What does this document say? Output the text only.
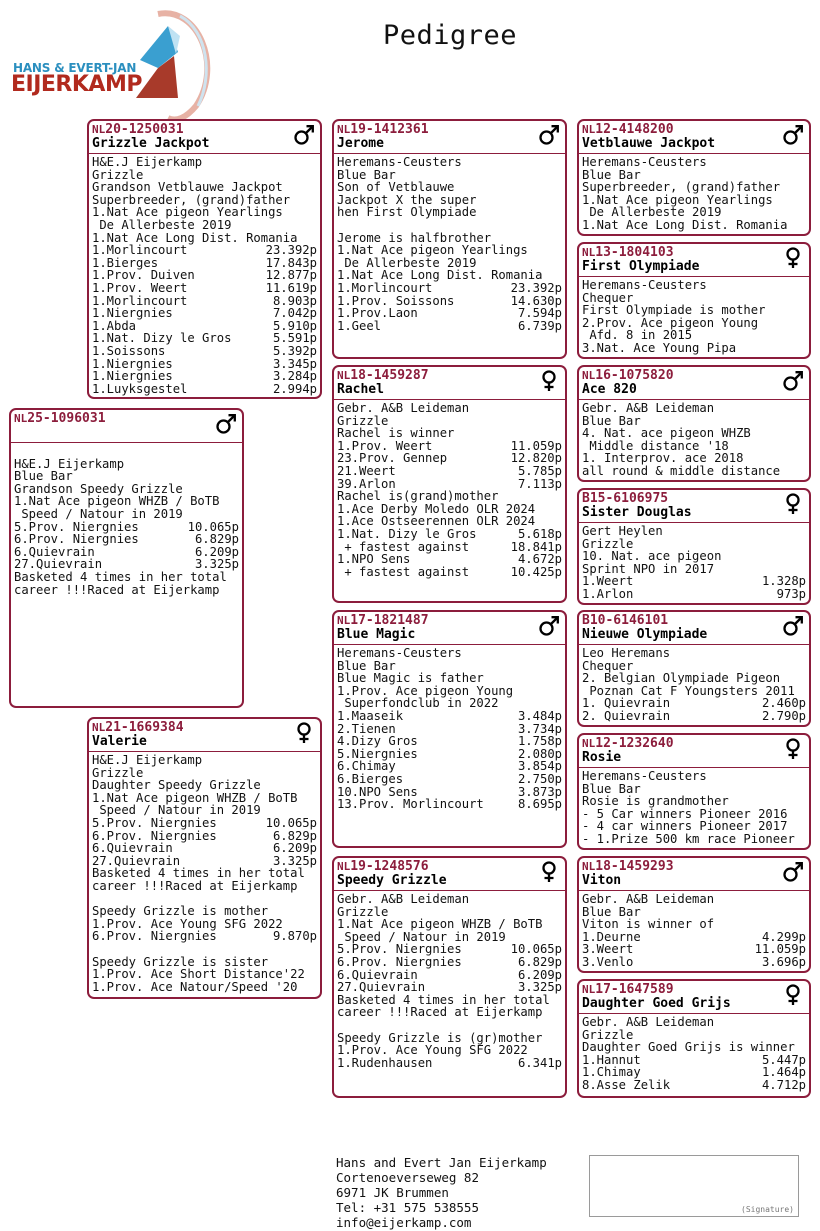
Pedigree
HANS & EVERT-JAN
EIJERKAMP
NL20-1250031
Grizzle Jackpot
H&E.J Eijerkamp
Grizzle
Grandson Vetblauwe Jackpot
Superbreeder, (grand)father
1.Nat Ace pigeon Yearlings
De Allerbeste 2019
1.Nat Ace Long Dist. Romania
1.Morlincourt	23.392p
1.Bierges	17.843p
1.Prov. Duiven	12.877p
1.Prov. Weert	11.619p
1.Morlincourt	8.903p
1.Niergnies	7.042p
1.Abda	5.910p
1.Nat. Dizy le Gros	5.591p
1.Soissons	5.392p
1.Niergnies	3.345p
1.Niergnies	3.284p
1.Luyksgestel	2.994p
NL25-1096031
H&E.J Eijerkamp
Blue Bar
Grandson Speedy Grizzle
1.Nat Ace pigeon WHZB / BoTB
Speed / Natour in 2019
5.Prov. Niergnies	10.065p
6.Prov. Niergnies	6.829p
6.Quievrain	6.209p
27.Quievrain	3.325p
Basketed 4 times in her total
career !!!Raced at Eijerkamp
NL21-1669384
Valerie
H&E.J Eijerkamp
Grizzle
Daughter Speedy Grizzle
1.Nat Ace pigeon WHZB / BoTB
Speed / Natour in 2019
5.Prov. Niergnies	10.065p
6.Prov. Niergnies	6.829p
6.Quievrain	6.209p
27.Quievrain	3.325p
Basketed 4 times in her total
career !!!Raced at Eijerkamp
Speedy Grizzle is mother
1.Prov. Ace Young SFG 2022
6.Prov. Niergnies	9.870p
Speedy Grizzle is sister
1.Prov. Ace Short Distance'22
1.Prov. Ace Natour/Speed '20
NL19-1412361
Jerome
Heremans-Ceusters
Blue Bar
Son of Vetblauwe
Jackpot X the super
hen First Olympiade
Jerome is halfbrother
1.Nat Ace pigeon Yearlings
De Allerbeste 2019
1.Nat Ace Long Dist. Romania
1.Morlincourt	23.392p
1.Prov. Soissons	14.630p
1.Prov.Laon	7.594p
1.Geel	6.739p
NL18-1459287
Rachel
Gebr. A&B Leideman
Grizzle
Rachel is winner
1.Prov. Weert	11.059p
23.Prov. Gennep	12.820p
21.Weert	5.785p
39.Arlon	7.113p
Rachel is(grand)mother
1.Ace Derby Moledo OLR 2024
1.Ace Ostseerennen OLR 2024
1.Nat. Dizy le Gros	5.618p
+ fastest against	18.841p
1.NPO Sens	4.672p
+ fastest against	10.425p
NL17-1821487
Blue Magic
Heremans-Ceusters
Blue Bar
Blue Magic is father
1.Prov. Ace pigeon Young
Superfondclub in 2022
1.Maaseik	3.484p
2.Tienen	3.734p
4.Dizy Gros	1.758p
5.Niergnies	2.080p
6.Chimay	3.854p
6.Bierges	2.750p
10.NPO Sens	3.873p
13.Prov. Morlincourt	8.695p
NL19-1248576
Speedy Grizzle
Gebr. A&B Leideman
Grizzle
1.Nat Ace pigeon WHZB / BoTB
Speed / Natour in 2019
5.Prov. Niergnies	10.065p
6.Prov. Niergnies	6.829p
6.Quievrain	6.209p
27.Quievrain	3.325p
Basketed 4 times in her total
career !!!Raced at Eijerkamp
Speedy Grizzle is (gr)mother
1.Prov. Ace Young SFG 2022
1.Rudenhausen	6.341p
NL12-4148200
Vetblauwe Jackpot
Heremans-Ceusters
Blue Bar
Superbreeder, (grand)father
1.Nat Ace pigeon Yearlings
De Allerbeste 2019
1.Nat Ace Long Dist. Romania
NL13-1804103
First Olympiade
Heremans-Ceusters
Chequer
First Olympiade is mother
2.Prov. Ace pigeon Young
Afd. 8 in 2015
3.Nat. Ace Young Pipa
NL16-1075820
Ace 820
Gebr. A&B Leideman
Blue Bar
4. Nat. ace pigeon WHZB
Middle distance '18
1. Interprov. ace 2018
all round & middle distance
B15-6106975
Sister Douglas
Gert Heylen
Grizzle
10. Nat. ace pigeon
Sprint NPO in 2017
1.Weert	1.328p
1.Arlon	973p
B10-6146101
Nieuwe Olympiade
Leo Heremans
Chequer
2. Belgian Olympiade Pigeon
Poznan Cat F Youngsters 2011
1. Quievrain	2.460p
2. Quievrain	2.790p
NL12-1232640
Rosie
Heremans-Ceusters
Blue Bar
Rosie is grandmother
- 5 Car winners Pioneer 2016
- 4 car winners Pioneer 2017
- 1.Prize 500 km race Pioneer
NL18-1459293
Viton
Gebr. A&B Leideman
Blue Bar
Viton is winner of
1.Deurne	4.299p
3.Weert	11.059p
3.Venlo	3.696p
NL17-1647589
Daughter Goed Grijs
Gebr. A&B Leideman
Grizzle
Daughter Goed Grijs is winner
1.Hannut	5.447p
1.Chimay	1.464p
8.Asse Zelik	4.712p
Hans and Evert Jan Eijerkamp
Cortenoeverseweg 82
6971 JK Brummen
Tel: +31 575 538555
info@eijerkamp.com
(Signature)
